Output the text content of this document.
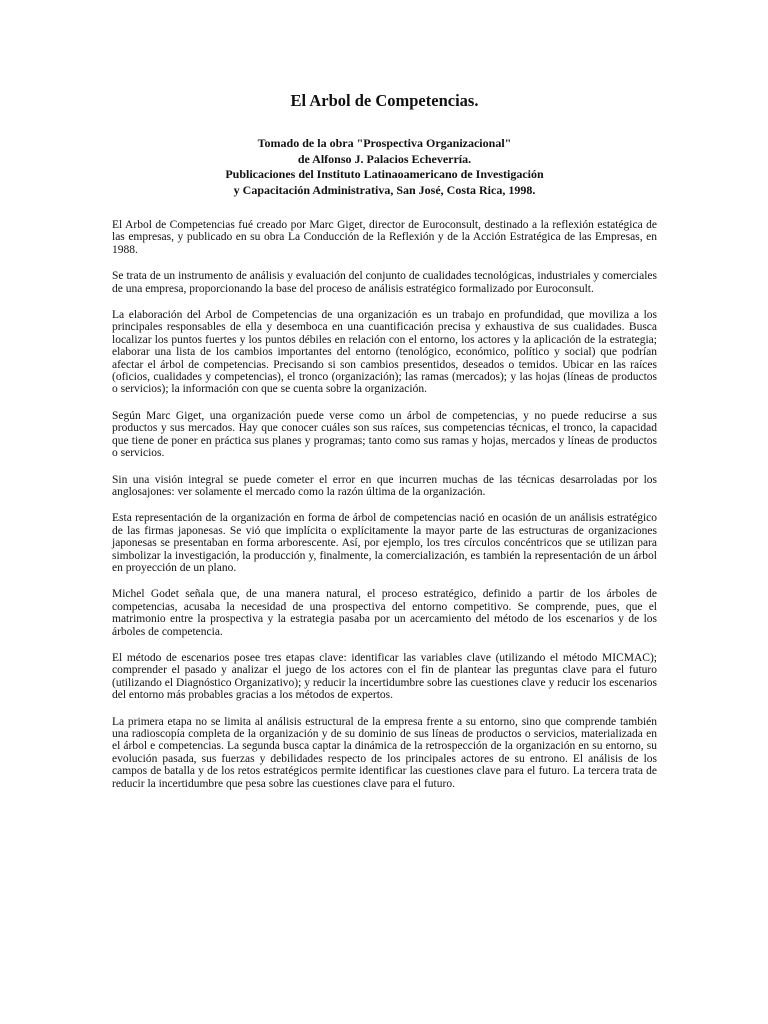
El Arbol de Competencias.
Tomado de la obra "Prospectiva Organizacional"
de Alfonso J. Palacios Echeverría.
Publicaciones del Instituto Latinaoamericano de Investigación
y Capacitación Administrativa, San José, Costa Rica, 1998.

El Arbol de Competencias fué creado por Marc Giget, director de Euroconsult, destinado a la reflexión estatégica de las empresas, y publicado en su obra La Conducción de la Reflexión y de la Acción Estratégica de las Empresas, en 1988.

Se trata de un instrumento de análisis y evaluación del conjunto de cualidades tecnológicas, industriales y comerciales de una empresa, proporcionando la base del proceso de análisis estratégico formalizado por Euroconsult.

La elaboración del Arbol de Competencias de una organización es un trabajo en profundidad, que moviliza a los principales responsables de ella y desemboca en una cuantificación precisa y exhaustiva de sus cualidades. Busca localizar los puntos fuertes y los puntos débiles en relación con el entorno, los actores y la aplicación de la estrategia; elaborar una lista de los cambios importantes del entorno (tenológico, económico, político y social) que podrían afectar el árbol de competencias. Precisando si son cambios presentidos, deseados o temidos. Ubicar en las raíces (oficios, cualidades y competencias), el tronco (organización); las ramas (mercados); y las hojas (líneas de productos o servicios); la información con que se cuenta sobre la organización.

Según Marc Giget, una organización puede verse como un árbol de competencias, y no puede reducirse a sus productos y sus mercados. Hay que conocer cuáles son sus raíces, sus competencias técnicas, el tronco, la capacidad que tiene de poner en práctica sus planes y programas; tanto como sus ramas y hojas, mercados y líneas de productos o servicios.

Sin una visión integral se puede cometer el error en que incurren muchas de las técnicas desarroladas por los anglosajones: ver solamente el mercado como la razón última de la organización.

Esta representación de la organización en forma de árbol de competencias nació en ocasión de un análisis estratégico de las firmas japonesas. Se vió que implícita o explícitamente la mayor parte de las estructuras de organizaciones japonesas se presentaban en forma arborescente. Así, por ejemplo, los tres círculos concéntricos que se utilizan para simbolizar la investigación, la producción y, finalmente, la comercialización, es también la representación de un árbol en proyección de un plano.

Michel Godet señala que, de una manera natural, el proceso estratégico, definido a partir de los árboles de competencias, acusaba la necesidad de una prospectiva del entorno competitivo. Se comprende, pues, que el matrimonio entre la prospectiva y la estrategia pasaba por un acercamiento del método de los escenarios y de los árboles de competencia.

El método de escenarios posee tres etapas clave: identificar las variables clave (utilizando el método MICMAC); comprender el pasado y analizar el juego de los actores con el fin de plantear las preguntas clave para el futuro (utilizando el Diagnóstico Organizativo); y reducir la incertidumbre sobre las cuestiones clave y reducir los escenarios del entorno más probables gracias a los métodos de expertos.

La primera etapa no se limita al análisis estructural de la empresa frente a su entorno, sino que comprende también una radioscopía completa de la organización y de su dominio de sus líneas de productos o servicios, materializada en el árbol e competencias. La segunda busca captar la dinámica de la retrospección de la organización en su entorno, su evolución pasada, sus fuerzas y debilidades respecto de los principales actores de su entrono. El análisis de los campos de batalla y de los retos estratégicos permite identificar las cuestiones clave para el futuro. La tercera trata de reducir la incertidumbre que pesa sobre las cuestiones clave para el futuro.
